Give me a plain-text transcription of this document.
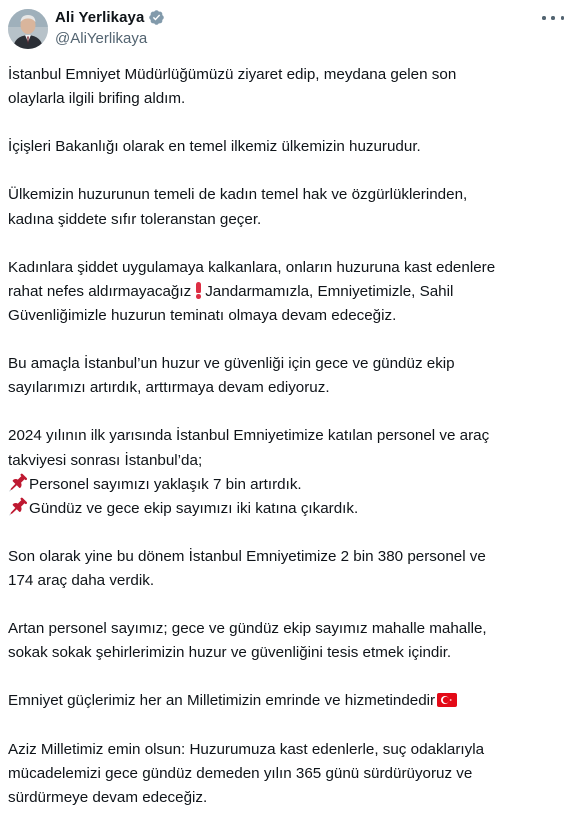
Ali Yerlikaya
@AliYerlikaya
İstanbul Emniyet Müdürlüğümüzü ziyaret edip, meydana gelen son
olaylarla ilgili brifing aldım.
İçişleri Bakanlığı olarak en temel ilkemiz ülkemizin huzurudur.
Ülkemizin huzurunun temeli de kadın temel hak ve özgürlüklerinden,
kadına şiddete sıfır toleranstan geçer.
Kadınlara şiddet uygulamaya kalkanlara, onların huzuruna kast edenlere
rahat nefes aldırmayacağız Jandarmamızla, Emniyetimizle, Sahil
Güvenliğimizle huzurun teminatı olmaya devam edeceğiz.
Bu amaçla İstanbul’un huzur ve güvenliği için gece ve gündüz ekip
sayılarımızı artırdık, arttırmaya devam ediyoruz.
2024 yılının ilk yarısında İstanbul Emniyetimize katılan personel ve araç
takviyesi sonrası İstanbul’da;
Personel sayımızı yaklaşık 7 bin artırdık.
Gündüz ve gece ekip sayımızı iki katına çıkardık.
Son olarak yine bu dönem İstanbul Emniyetimize 2 bin 380 personel ve
174 araç daha verdik.
Artan personel sayımız; gece ve gündüz ekip sayımız mahalle mahalle,
sokak sokak şehirlerimizin huzur ve güvenliğini tesis etmek içindir.
Emniyet güçlerimiz her an Milletimizin emrinde ve hizmetindedir
Aziz Milletimiz emin olsun: Huzurumuza kast edenlerle, suç odaklarıyla
mücadelemizi gece gündüz demeden yılın 365 günü sürdürüyoruz ve
sürdürmeye devam edeceğiz.
